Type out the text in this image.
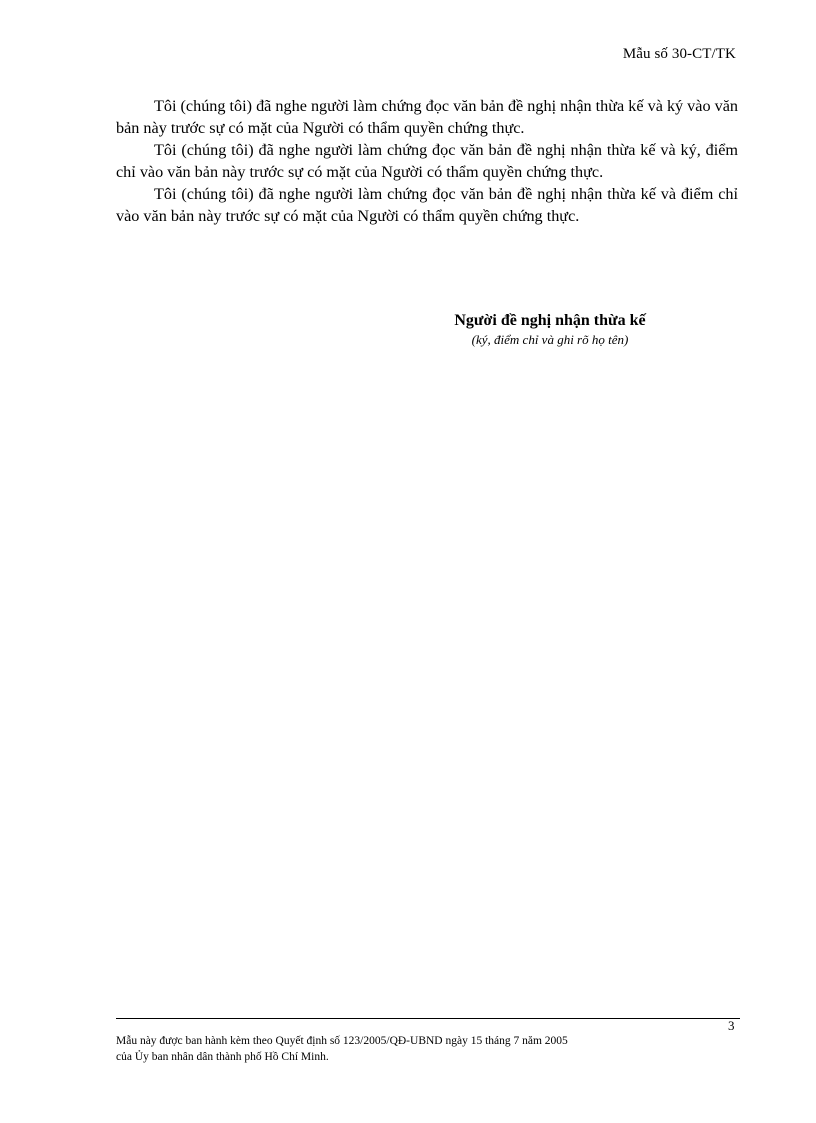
Mẫu số 30-CT/TK

Tôi (chúng tôi) đã nghe người làm chứng đọc văn bản đề nghị nhận thừa kế và ký vào văn bản này trước sự có mặt của Người có thẩm quyền chứng thực.

Tôi (chúng tôi) đã nghe người làm chứng đọc văn bản đề nghị nhận thừa kế và ký, điểm chỉ vào văn bản này trước sự có mặt của Người có thẩm quyền chứng thực.

Tôi (chúng tôi) đã nghe người làm chứng đọc văn bản đề nghị nhận thừa kế và điểm chỉ vào văn bản này trước sự có mặt của Người có thẩm quyền chứng thực.

Người đề nghị nhận thừa kế
(ký, điểm chỉ và ghi rõ họ tên)
3
Mẫu này được ban hành kèm theo Quyết định số 123/2005/QĐ-UBND ngày 15 tháng 7 năm 2005
của Ủy ban nhân dân thành phố Hồ Chí Minh.
